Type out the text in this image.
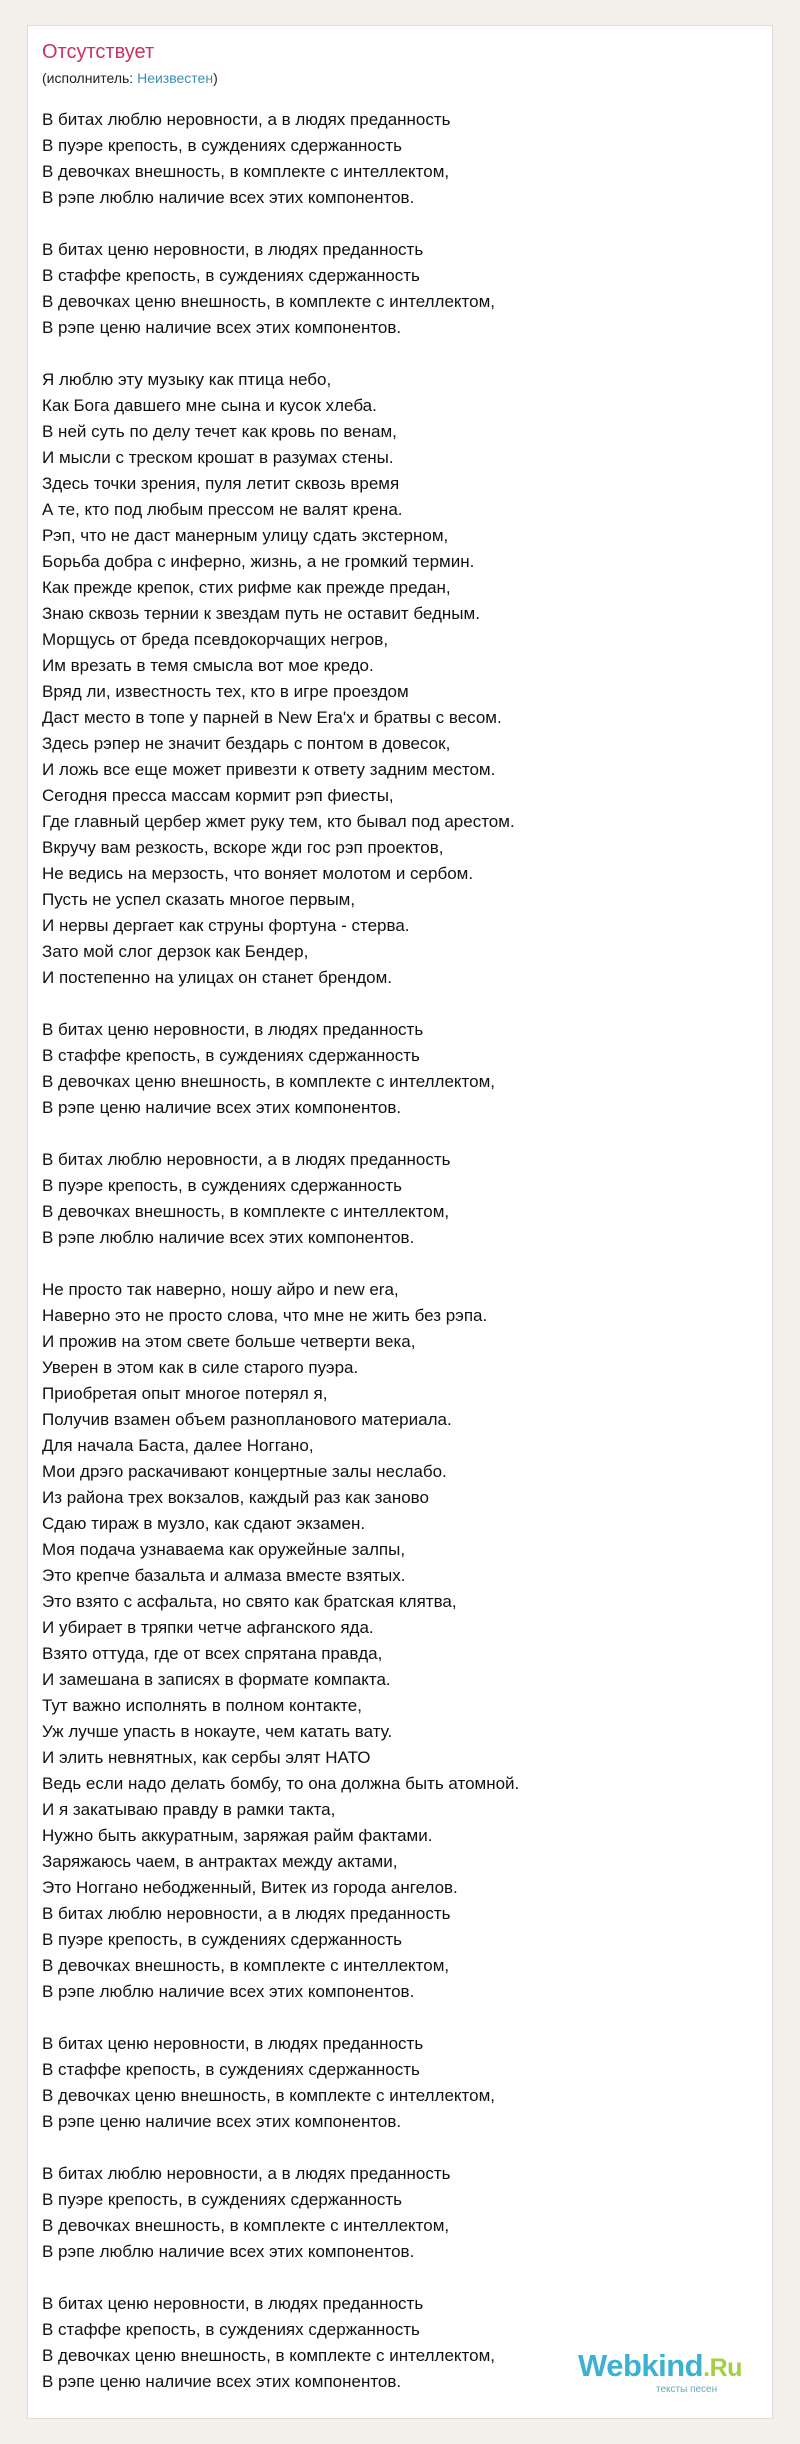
Отсутствует
(исполнитель: Неизвестен)
В битах люблю неровности, а в людях преданность
В пуэре крепость, в суждениях сдержанность
В девочках внешность, в комплекте с интеллектом,
В рэпе люблю наличие всех этих компонентов.
В битах ценю неровности, в людях преданность
В стаффе крепость, в суждениях сдержанность
В девочках ценю внешность, в комплекте с интеллектом,
В рэпе ценю наличие всех этих компонентов.
Я люблю эту музыку как птица небо,
Как Бога давшего мне сына и кусок хлеба.
В ней суть по делу течет как кровь по венам,
И мысли с треском крошат в разумах стены.
Здесь точки зрения, пуля летит сквозь время
А те, кто под любым прессом не валят крена.
Рэп, что не даст манерным улицу сдать экстерном,
Борьба добра с инферно, жизнь, а не громкий термин.
Как прежде крепок, стих рифме как прежде предан,
Знаю сквозь тернии к звездам путь не оставит бедным.
Морщусь от бреда псевдокорчащих негров,
Им врезать в темя смысла вот мое кредо.
Вряд ли, известность тех, кто в игре проездом
Даст место в топе у парней в New Era'х и братвы с весом.
Здесь рэпер не значит бездарь с понтом в довесок,
И ложь все еще может привезти к ответу задним местом.
Сегодня пресса массам кормит рэп фиесты,
Где главный цербер жмет руку тем, кто бывал под арестом.
Вкручу вам резкость, вскоре жди гос рэп проектов,
Не ведись на мерзость, что воняет молотом и сербом.
Пусть не успел сказать многое первым,
И нервы дергает как струны фортуна - стерва.
Зато мой слог дерзок как Бендер,
И постепенно на улицах он станет брендом.
В битах ценю неровности, в людях преданность
В стаффе крепость, в суждениях сдержанность
В девочках ценю внешность, в комплекте с интеллектом,
В рэпе ценю наличие всех этих компонентов.
В битах люблю неровности, а в людях преданность
В пуэре крепость, в суждениях сдержанность
В девочках внешность, в комплекте с интеллектом,
В рэпе люблю наличие всех этих компонентов.
Не просто так наверно, ношу айро и new era,
Наверно это не просто слова, что мне не жить без рэпа.
И прожив на этом свете больше четверти века,
Уверен в этом как в силе старого пуэра.
Приобретая опыт многое потерял я,
Получив взамен объем разнопланового материала.
Для начала Баста, далее Ноггано,
Мои дрэго раскачивают концертные залы неслабо.
Из района трех вокзалов, каждый раз как заново
Сдаю тираж в музло, как сдают экзамен.
Моя подача узнаваема как оружейные залпы,
Это крепче базальта и алмаза вместе взятых.
Это взято с асфальта, но свято как братская клятва,
И убирает в тряпки четче афганского яда.
Взято оттуда, где от всех спрятана правда,
И замешана в записях в формате компакта.
Тут важно исполнять в полном контакте,
Уж лучше упасть в нокауте, чем катать вату.
И элить невнятных, как сербы элят НАТО
Ведь если надо делать бомбу, то она должна быть атомной.
И я закатываю правду в рамки такта,
Нужно быть аккуратным, заряжая райм фактами.
Заряжаюсь чаем, в антрактах между актами,
Это Ноггано небодженный, Витек из города ангелов.
В битах люблю неровности, а в людях преданность
В пуэре крепость, в суждениях сдержанность
В девочках внешность, в комплекте с интеллектом,
В рэпе люблю наличие всех этих компонентов.
В битах ценю неровности, в людях преданность
В стаффе крепость, в суждениях сдержанность
В девочках ценю внешность, в комплекте с интеллектом,
В рэпе ценю наличие всех этих компонентов.
В битах люблю неровности, а в людях преданность
В пуэре крепость, в суждениях сдержанность
В девочках внешность, в комплекте с интеллектом,
В рэпе люблю наличие всех этих компонентов.
В битах ценю неровности, в людях преданность
В стаффе крепость, в суждениях сдержанность
В девочках ценю внешность, в комплекте с интеллектом,
В рэпе ценю наличие всех этих компонентов.	Webkind.Ru
тексты песен
